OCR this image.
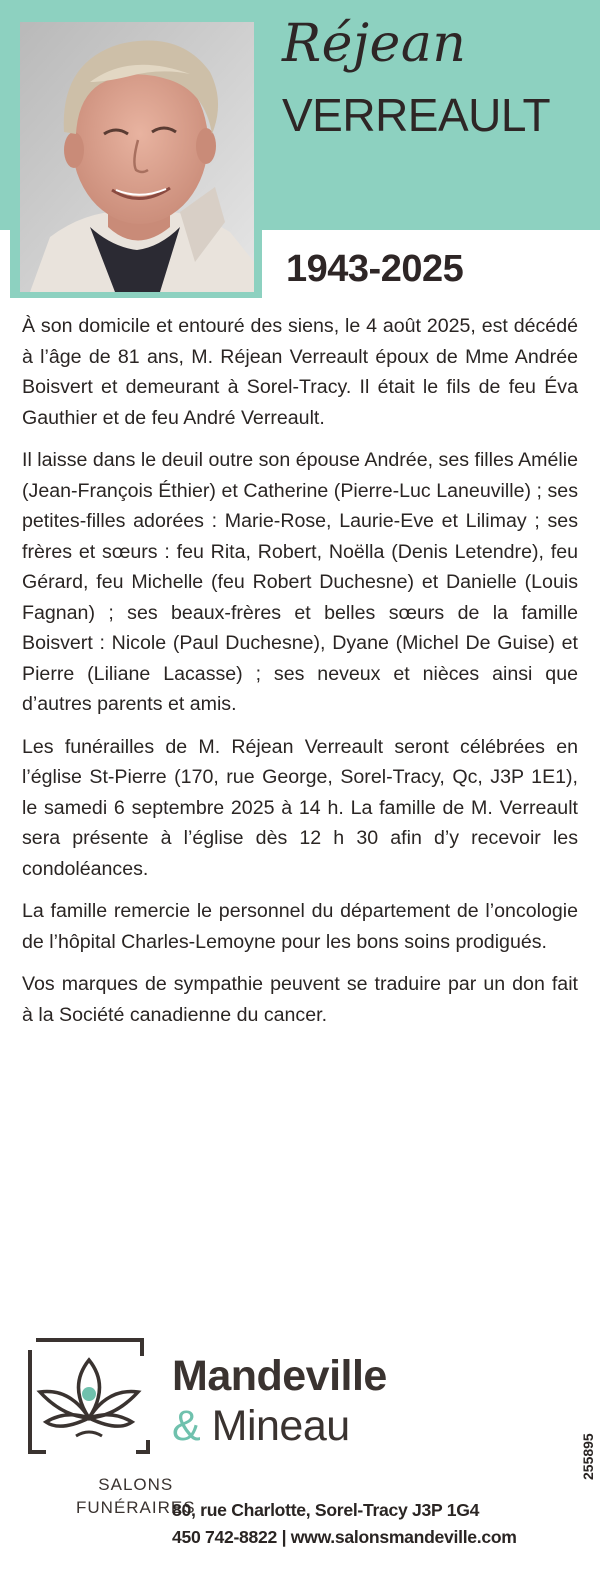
Réjean
VERREAULT
1943-2025

À son domicile et entouré des siens, le 4 août 2025, est décédé à l’âge de 81 ans, M. Réjean Verreault époux de Mme Andrée Boisvert et demeurant à Sorel-Tracy. Il était le fils de feu Éva Gauthier et de feu André Verreault.

Il laisse dans le deuil outre son épouse Andrée, ses filles Amélie (Jean-François Éthier) et Catherine (Pierre-Luc Laneuville) ; ses petites-filles adorées : Marie-Rose, Laurie-Eve et Lilimay ; ses frères et sœurs : feu Rita, Robert, Noëlla (Denis Letendre), feu Gérard, feu Michelle (feu Robert Duchesne) et Danielle (Louis Fagnan) ; ses beaux-frères et belles sœurs de la famille Boisvert : Nicole (Paul Duchesne), Dyane (Michel De Guise) et Pierre (Liliane Lacasse) ; ses neveux et nièces ainsi que d’autres parents et amis.

Les funérailles de M. Réjean Verreault seront célébrées en l’église St-Pierre (170, rue George, Sorel-Tracy, Qc, J3P 1E1), le samedi 6 septembre 2025 à 14 h. La famille de M. Verreault sera présente à l’église dès 12 h 30 afin d’y recevoir les condoléances.

La famille remercie le personnel du département de l’oncologie de l’hôpital Charles-Lemoyne pour les bons soins prodigués.

Vos marques de sympathie peuvent se traduire par un don fait à la Société canadienne du cancer.

Mandeville
& Mineau
SALONS
FUNÉRAIRES
80, rue Charlotte, Sorel-Tracy J3P 1G4
450 742-8822 | www.salonsmandeville.com
255895
